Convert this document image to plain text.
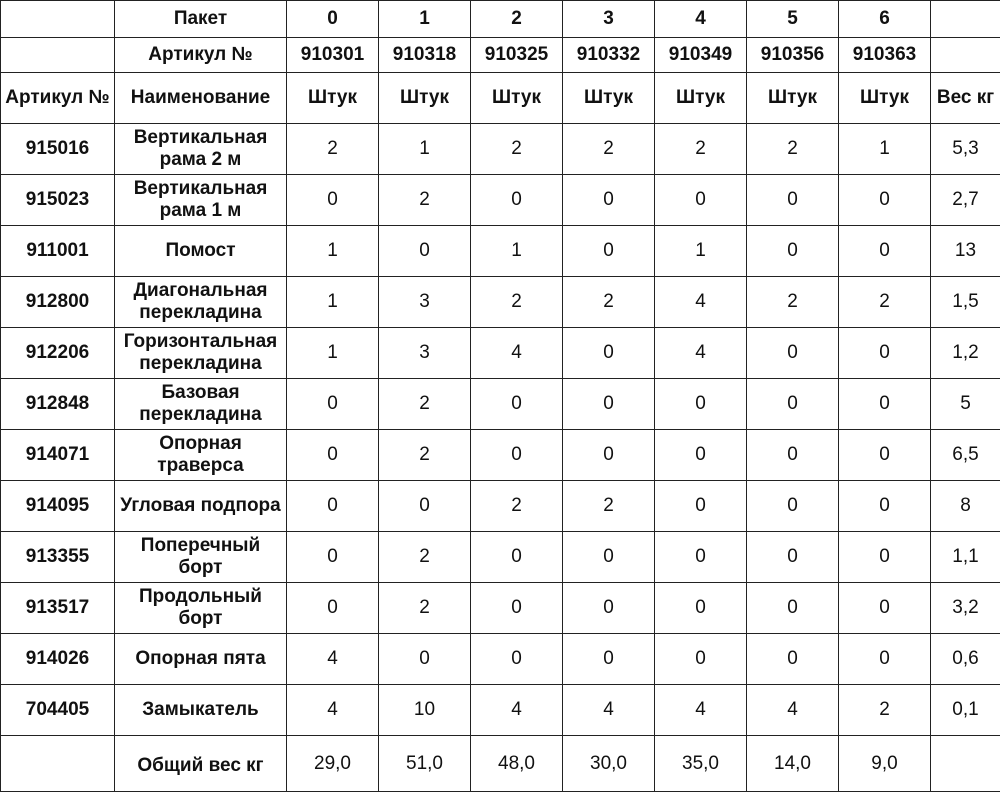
	Пакет	0	1	2	3	4	5	6	
	Артикул №	910301	910318	910325	910332	910349	910356	910363	
Артикул №	Наименование	Штук	Штук	Штук	Штук	Штук	Штук	Штук	Вес кг
915016	Вертикальная рама 2 м	2	1	2	2	2	2	1	5,3
915023	Вертикальная рама 1 м	0	2	0	0	0	0	0	2,7
911001	Помост	1	0	1	0	1	0	0	13
912800	Диагональная перекладина	1	3	2	2	4	2	2	1,5
912206	Горизонтальная перекладина	1	3	4	0	4	0	0	1,2
912848	Базовая перекладина	0	2	0	0	0	0	0	5
914071	Опорная траверса	0	2	0	0	0	0	0	6,5
914095	Угловая подпора	0	0	2	2	0	0	0	8
913355	Поперечный борт	0	2	0	0	0	0	0	1,1
913517	Продольный борт	0	2	0	0	0	0	0	3,2
914026	Опорная пята	4	0	0	0	0	0	0	0,6
704405	Замыкатель	4	10	4	4	4	4	2	0,1
	Общий вес кг	29,0	51,0	48,0	30,0	35,0	14,0	9,0	
